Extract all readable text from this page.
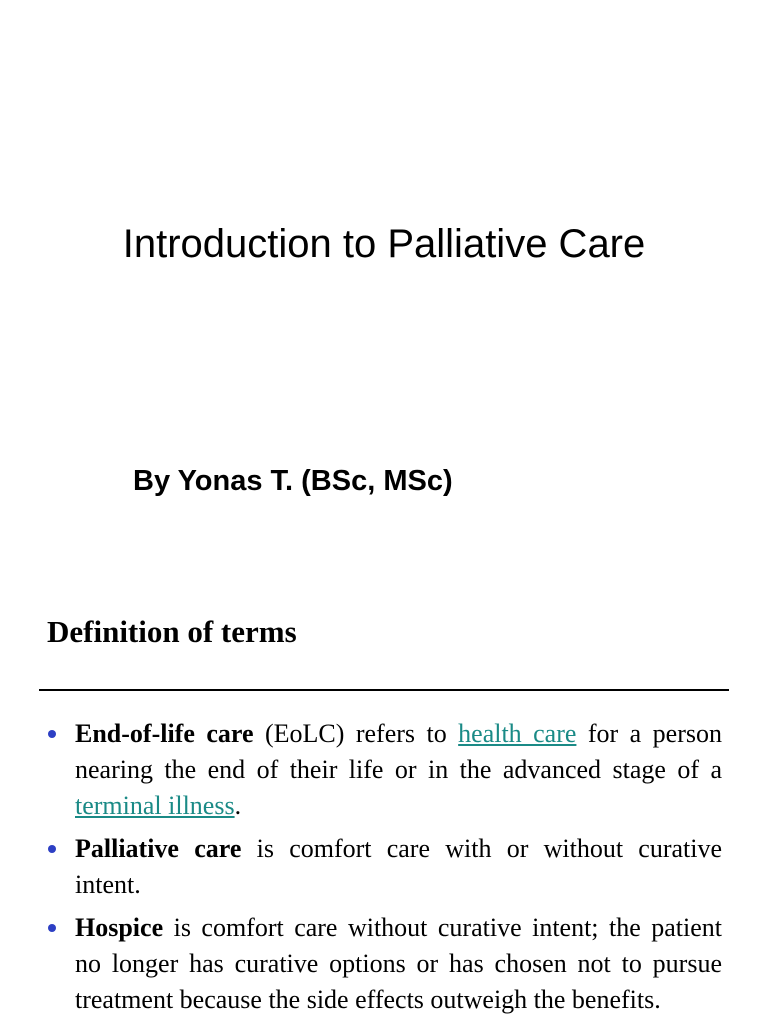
Introduction to Palliative Care
By Yonas T. (BSc, MSc)
Definition of terms
End-of-life care (EoLC) refers to health care for a person nearing the end of their life or in the advanced stage of a terminal illness.
Palliative care is comfort care with or without curative intent.
Hospice is comfort care without curative intent; the patient no longer has curative options or has chosen not to pursue treatment because the side effects outweigh the benefits.
